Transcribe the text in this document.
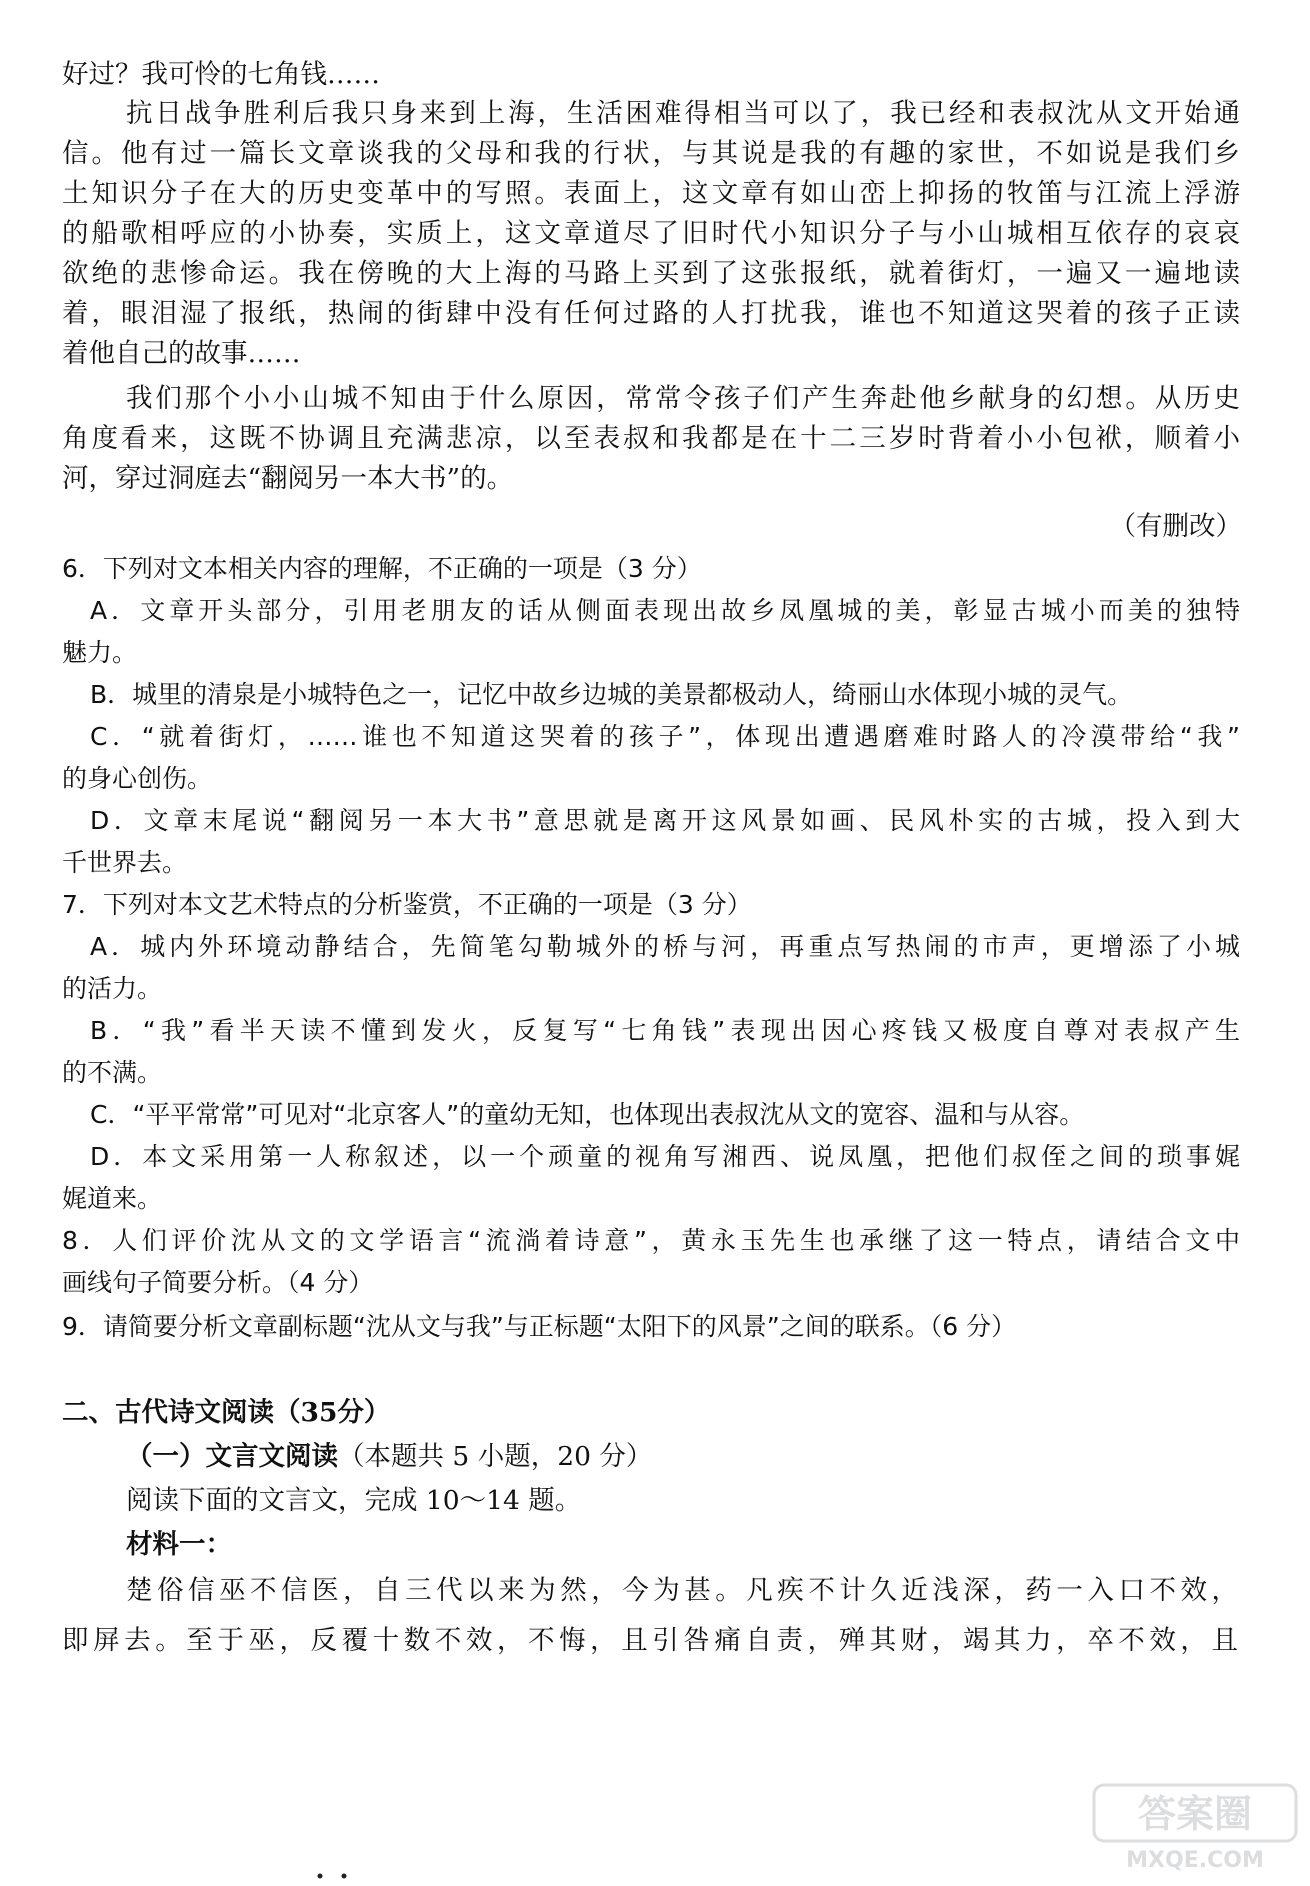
好过？我可怜的七角钱……
抗日战争胜利后我只身来到上海，生活困难得相当可以了，我已经和表叔沈从文开始通
信。他有过一篇长文章谈我的父母和我的行状，与其说是我的有趣的家世，不如说是我们乡
土知识分子在大的历史变革中的写照。表面上，这文章有如山峦上抑扬的牧笛与江流上浮游
的船歌相呼应的小协奏，实质上，这文章道尽了旧时代小知识分子与小山城相互依存的哀哀
欲绝的悲惨命运。我在傍晚的大上海的马路上买到了这张报纸，就着街灯，一遍又一遍地读
着，眼泪湿了报纸，热闹的街肆中没有任何过路的人打扰我，谁也不知道这哭着的孩子正读
着他自己的故事……
我们那个小小山城不知由于什么原因，常常令孩子们产生奔赴他乡献身的幻想。从历史
角度看来，这既不协调且充满悲凉，以至表叔和我都是在十二三岁时背着小小包袱，顺着小
河，穿过洞庭去“翻阅另一本大书”的。
（有删改）
6．下列对文本相关内容的理解，不正确的一项是（3 分）
A．文章开头部分，引用老朋友的话从侧面表现出故乡凤凰城的美，彰显古城小而美的独特
魅力。
B．城里的清泉是小城特色之一，记忆中故乡边城的美景都极动人，绮丽山水体现小城的灵气。
C．“就着街灯，……谁也不知道这哭着的孩子”，体现出遭遇磨难时路人的冷漠带给“我”
的身心创伤。
D．文章末尾说“翻阅另一本大书”意思就是离开这风景如画、民风朴实的古城，投入到大
千世界去。
7．下列对本文艺术特点的分析鉴赏，不正确的一项是（3 分）
A．城内外环境动静结合，先简笔勾勒城外的桥与河，再重点写热闹的市声，更增添了小城
的活力。
B．“我”看半天读不懂到发火，反复写“七角钱”表现出因心疼钱又极度自尊对表叔产生
的不满。
C．“平平常常”可见对“北京客人”的童幼无知，也体现出表叔沈从文的宽容、温和与从容。
D．本文采用第一人称叙述，以一个顽童的视角写湘西、说凤凰，把他们叔侄之间的琐事娓
娓道来。
8．人们评价沈从文的文学语言“流淌着诗意”，黄永玉先生也承继了这一特点，请结合文中
画线句子简要分析。（4 分）
9．请简要分析文章副标题“沈从文与我”与正标题“太阳下的风景”之间的联系。（6 分）
二、古代诗文阅读（35分）
（一）文言文阅读（本题共 5 小题，20 分）
阅读下面的文言文，完成 10～14 题。
材料一：
楚俗信巫不信医，自三代以来为然，今为甚。凡疾不计久近浅深，药一入口不效，
即屏去。至于巫，反覆十数不效，不悔，且引咎痛自责，殚其财，竭其力，卒不效，且
答案圈
MXQE.COM
